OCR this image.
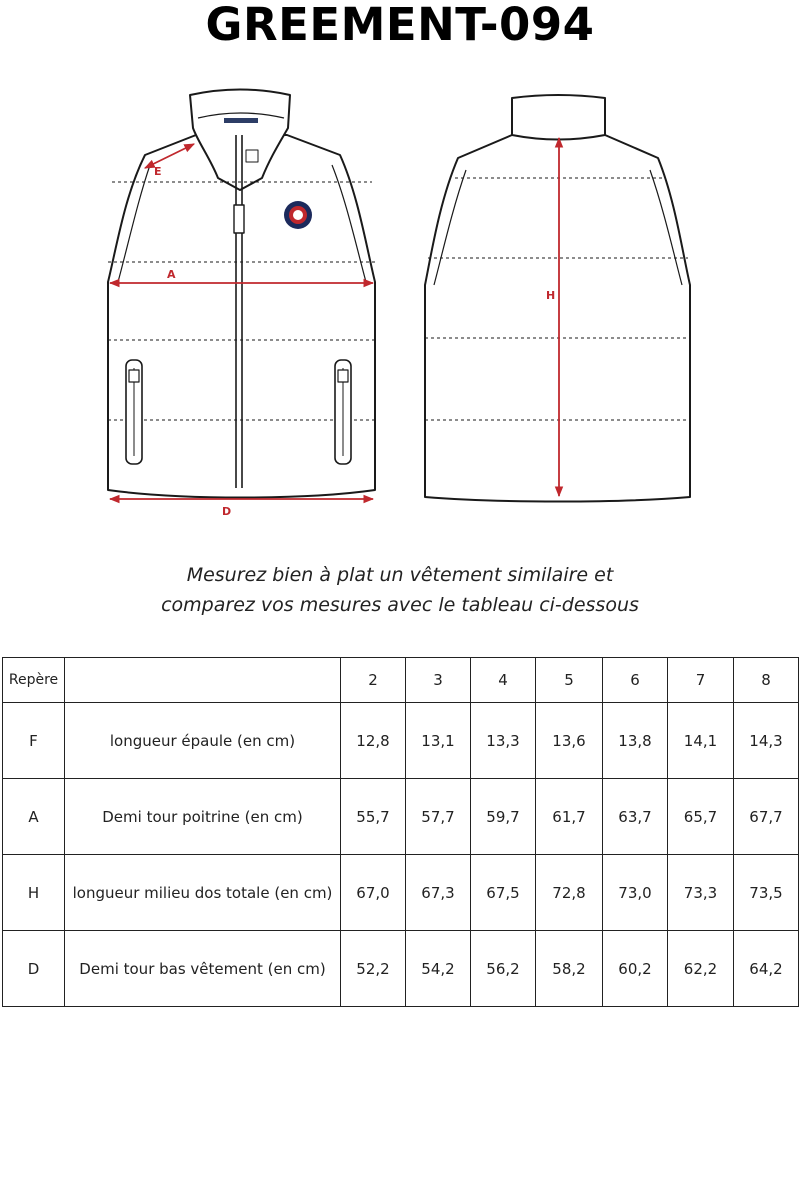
GREEMENT-094
E
A
D
H
Mesurez bien à plat un vêtement similaire et
comparez vos mesures avec le tableau ci-dessous
Repère		2	3	4	5	6	7	8
F	longueur épaule (en cm)	12,8	13,1	13,3	13,6	13,8	14,1	14,3
A	Demi tour poitrine (en cm)	55,7	57,7	59,7	61,7	63,7	65,7	67,7
H	longueur milieu dos totale (en cm)	67,0	67,3	67,5	72,8	73,0	73,3	73,5
D	Demi tour bas vêtement (en cm)	52,2	54,2	56,2	58,2	60,2	62,2	64,2
